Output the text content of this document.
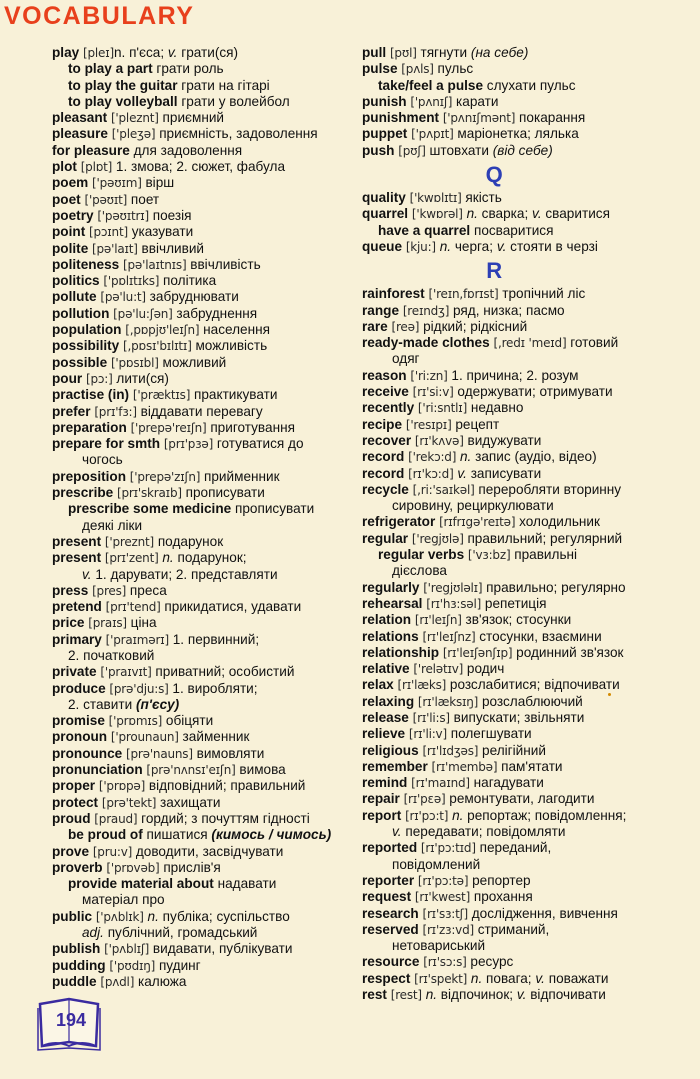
VOCABULARY
play [pleɪ]n. п'єса; v. грати(ся)
to play a part грати роль
to play the guitar грати на гітарі
to play volleyball грати у волейбол
pleasant ['pleznt] приємний
pleasure ['pleʒə] приємність, задоволення
for pleasure для задоволення
plot [plɒt] 1. змова; 2. сюжет, фабула
poem ['pəʊɪm] вірш
poet ['pəʊɪt] поет
poetry ['pəʊɪtrɪ] поезія
point [pɔɪnt] указувати
polite [pə'laɪt] ввічливий
politeness [pə'laɪtnɪs] ввічливість
politics ['pɒlɪtɪks] політика
pollute [pə'lu:t] забруднювати
pollution [pə'lu:ʃən] забруднення
population [,pɒpjʊ'leɪʃn] населення
possibility [,pɒsɪ'bɪlɪtɪ] можливість
possible ['pɒsɪbl] можливий
pour [pɔ:] лити(ся)
practise (in) ['præktɪs] практикувати
prefer [prɪ'fɜ:] віддавати перевагу
preparation ['prepə'reɪʃn] приготування
prepare for smth [prɪ'pɜə] готуватися до
чогось
preposition ['prepə'zɪʃn] прийменник
prescribe [prɪ'skraɪb] прописувати
prescribe some medicine прописувати
деякі ліки
present ['preznt] подарунок
present [prɪ'zent] n. подарунок;
v. 1. дарувати; 2. представляти
press [pres] преса
pretend [prɪ'tend] прикидатися, удавати
price [praɪs] ціна
primary ['praɪmərɪ] 1. первинний;
2. початковий
private ['praɪvɪt] приватний; особистий
produce [prə'dju:s] 1. виробляти;
2. ставити (п'єсу)
promise ['prɒmɪs] обіцяти
pronoun ['prounaun] займенник
pronounce [prə'nauns] вимовляти
pronunciation [prə'nʌnsɪ'eɪʃn] вимова
proper ['prɒpə] відповідний; правильний
protect [prə'tekt] захищати
proud [praud] гордий; з почуттям гідності
be proud of пишатися (кимось / чимось)
prove [pru:v] доводити, засвідчувати
proverb ['prɒvəb] прислів'я
provide material about надавати
матеріал про
public ['pʌblɪk] n. публіка; суспільство
adj. публічний, громадський
publish ['pʌblɪʃ] видавати, публікувати
pudding ['pʊdɪŋ] пудинг
puddle [pʌdl] калюжа
pull [pʊl] тягнути (на себе)
pulse [pʌls] пульс
take/feel a pulse слухати пульс
punish ['pʌnɪʃ] карати
punishment ['pʌnɪʃmənt] покарання
puppet ['pʌpɪt] маріонетка; лялька
push [pʊʃ] штовхати (від себе)
Q
quality ['kwɒlɪtɪ] якість
quarrel ['kwɒrəl] n. сварка; v. сваритися
have a quarrel посваритися
queue [kju:] n. черга; v. стояти в черзі
R
rainforest ['reɪn,fɒrɪst] тропічний ліс
range [reɪndʒ] ряд, низка; пасмо
rare [reə] рідкий; рідкісний
ready-made clothes [,redɪ 'meɪd] готовий
одяг
reason ['ri:zn] 1. причина; 2. розум
receive [rɪ'si:v] одержувати; отримувати
recently ['ri:sntlɪ] недавно
recipe ['resɪpɪ] рецепт
recover [rɪ'kʌvə] видужувати
record ['rekɔ:d] n. запис (аудіо, відео)
record [rɪ'kɔ:d] v. записувати
recycle [,ri:'saɪkəl] переробляти вторинну
сировину, рециркулювати
refrigerator [rɪfrɪgə'reɪtə] холодильник
regular ['regjʊlə] правильний; регулярний
regular verbs ['vɜ:bz] правильні
дієслова
regularly ['regjʊləlɪ] правильно; регулярно
rehearsal [rɪ'hɜ:səl] репетиція
relation [rɪ'leɪʃn] зв'язок; стосунки
relations [rɪ'leɪʃnz] стосунки, взаємини
relationship [rɪ'leɪʃənʃɪp] родинний зв'язок
relative ['relətɪv] родич
relax [rɪ'læks] розслабитися; відпочивати
relaxing [rɪ'læksɪŋ] розслаблюючий
release [rɪ'li:s] випускати; звільняти
relieve [rɪ'li:v] полегшувати
religious [rɪ'lɪdʒəs] релігійний
remember [rɪ'membə] пам'ятати
remind [rɪ'maɪnd] нагадувати
repair [rɪ'pɛə] ремонтувати, лагодити
report [rɪ'pɔ:t] n. репортаж; повідомлення;
v. передавати; повідомляти
reported [rɪ'pɔ:tɪd] переданий,
повідомлений
reporter [rɪ'pɔ:tə] репортер
request [rɪ'kwest] прохання
research [rɪ'sɜ:tʃ] дослідження, вивчення
reserved [rɪ'zɜ:vd] стриманий,
нетовариський
resource [rɪ'sɔ:s] ресурс
respect [rɪ'spekt] n. повага; v. поважати
rest [rest] n. відпочинок; v. відпочивати
194
